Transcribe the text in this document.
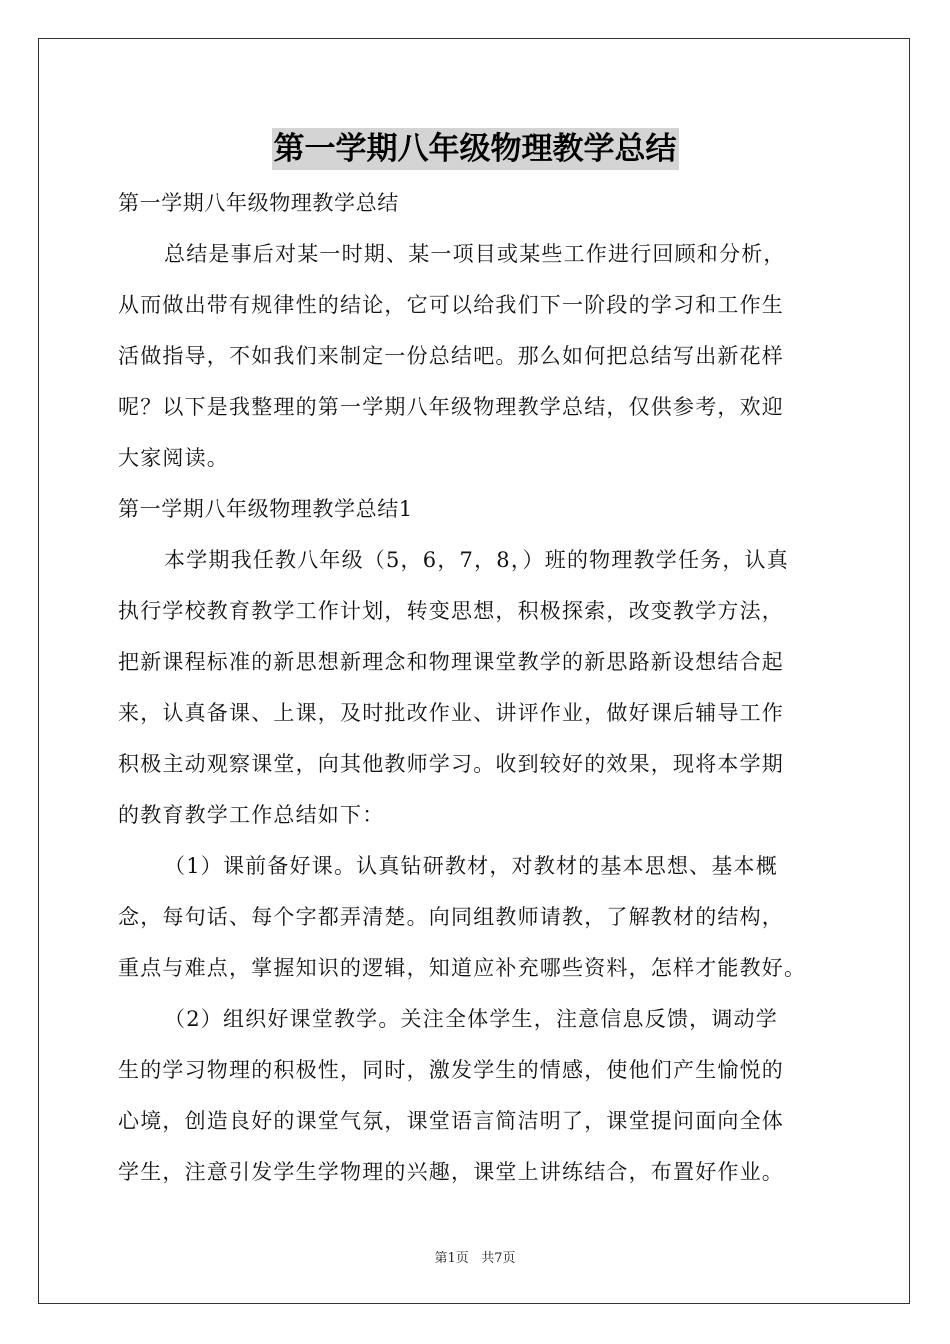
第一学期八年级物理教学总结
第一学期八年级物理教学总结
总结是事后对某一时期、某一项目或某些工作进行回顾和分析，
从而做出带有规律性的结论，它可以给我们下一阶段的学习和工作生
活做指导，不如我们来制定一份总结吧。那么如何把总结写出新花样
呢？以下是我整理的第一学期八年级物理教学总结，仅供参考，欢迎
大家阅读。
第一学期八年级物理教学总结1
本学期我任教八年级（5，6，7，8，）班的物理教学任务，认真
执行学校教育教学工作计划，转变思想，积极探索，改变教学方法，
把新课程标准的新思想新理念和物理课堂教学的新思路新设想结合起
来，认真备课、上课，及时批改作业、讲评作业，做好课后辅导工作
积极主动观察课堂，向其他教师学习。收到较好的效果，现将本学期
的教育教学工作总结如下：
（1）课前备好课。认真钻研教材，对教材的基本思想、基本概
念，每句话、每个字都弄清楚。向同组教师请教，了解教材的结构，
重点与难点，掌握知识的逻辑，知道应补充哪些资料，怎样才能教好。
（2）组织好课堂教学。关注全体学生，注意信息反馈，调动学
生的学习物理的积极性，同时，激发学生的情感，使他们产生愉悦的
心境，创造良好的课堂气氛，课堂语言简洁明了，课堂提问面向全体
学生，注意引发学生学物理的兴趣，课堂上讲练结合，布置好作业。
第1页 共7页
